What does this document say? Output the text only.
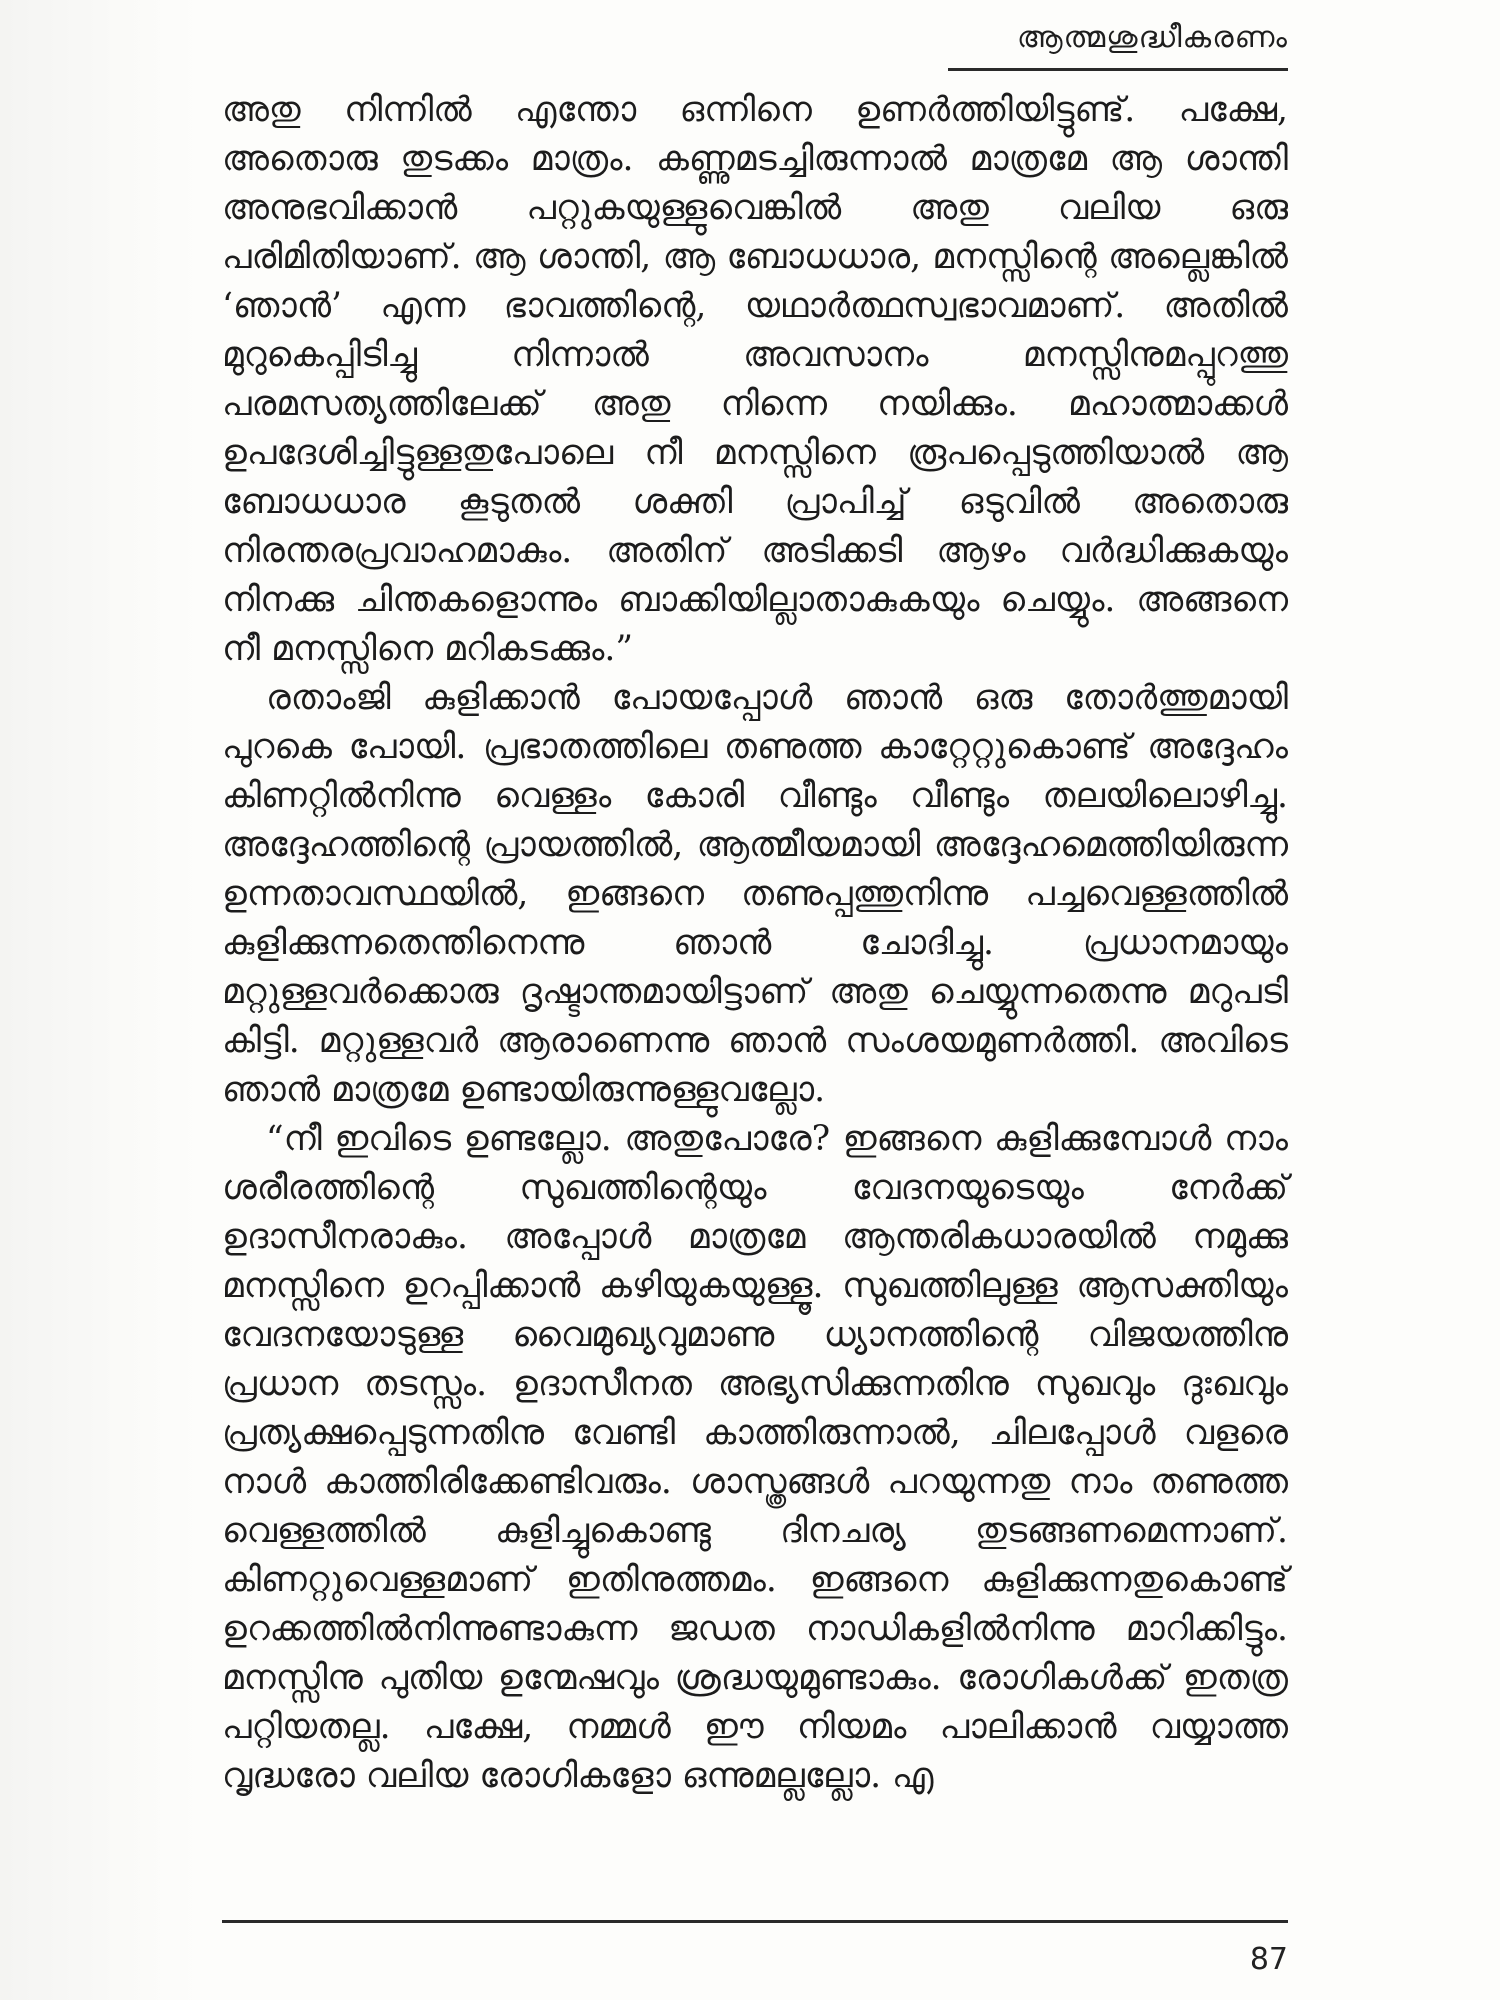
ആത്മശുദ്ധീകരണം

അതു നിന്നിൽ എന്തോ ഒന്നിനെ ഉണർത്തിയിട്ടുണ്ട്. പക്ഷേ, അതൊരു തുടക്കം മാത്രം. കണ്ണുമടച്ചിരുന്നാൽ മാത്രമേ ആ ശാന്തി അനുഭവിക്കാൻ പറ്റുകയുള്ളുവെങ്കിൽ അതു വലിയ ഒരു പരിമിതിയാണ്. ആ ശാന്തി, ആ ബോധധാര, മനസ്സിന്റെ അല്ലെങ്കിൽ ‘ഞാൻ’ എന്ന ഭാവത്തിന്റെ, യഥാർത്ഥസ്വഭാവമാണ്. അതിൽ മുറുകെപ്പിടിച്ചു നിന്നാൽ അവസാനം മനസ്സിനുമപ്പുറത്തു പരമസത്യത്തിലേക്ക് അതു നിന്നെ നയിക്കും. മഹാത്മാക്കൾ ഉപദേശിച്ചിട്ടുള്ളതുപോലെ നീ മനസ്സിനെ രൂപപ്പെടുത്തിയാൽ ആ ബോധധാര കൂടുതൽ ശക്തി പ്രാപിച്ച് ഒടുവിൽ അതൊരു നിരന്തരപ്രവാഹമാകും. അതിന് അടിക്കടി ആഴം വർദ്ധിക്കുകയും നിനക്കു ചിന്തകളൊന്നും ബാക്കിയില്ലാതാകുകയും ചെയ്യും. അങ്ങനെ നീ മനസ്സിനെ മറികടക്കും.”

രതാംജി കുളിക്കാൻ പോയപ്പോൾ ഞാൻ ഒരു തോർത്തുമായി പുറകെ പോയി. പ്രഭാതത്തിലെ തണുത്ത കാറ്റേറ്റുകൊണ്ട് അദ്ദേഹം കിണറ്റിൽനിന്നു വെള്ളം കോരി വീണ്ടും വീണ്ടും തലയിലൊഴിച്ചു. അദ്ദേഹത്തിന്റെ പ്രായത്തിൽ, ആത്മീയമായി അദ്ദേഹമെത്തിയിരുന്ന ഉന്നതാവസ്ഥയിൽ, ഇങ്ങനെ തണുപ്പത്തുനിന്നു പച്ചവെള്ളത്തിൽ കുളിക്കുന്നതെന്തിനെന്നു ഞാൻ ചോദിച്ചു. പ്രധാനമായും മറ്റുള്ളവർക്കൊരു ദൃഷ്ടാന്തമായിട്ടാണ് അതു ചെയ്യുന്നതെന്നു മറുപടി കിട്ടി. മറ്റുള്ളവർ ആരാണെന്നു ഞാൻ സംശയമുണർത്തി. അവിടെ ഞാൻ മാത്രമേ ഉണ്ടായിരുന്നുള്ളുവല്ലോ.

“നീ ഇവിടെ ഉണ്ടല്ലോ. അതുപോരേ? ഇങ്ങനെ കുളിക്കുമ്പോൾ നാം ശരീരത്തിന്റെ സുഖത്തിന്റെയും വേദനയുടെയും നേർക്ക് ഉദാസീനരാകും. അപ്പോൾ മാത്രമേ ആന്തരികധാരയിൽ നമുക്കു മനസ്സിനെ ഉറപ്പിക്കാൻ കഴിയുകയുള്ളൂ. സുഖത്തിലുള്ള ആസക്തിയും വേദനയോടുള്ള വൈമുഖ്യവുമാണു ധ്യാനത്തിന്റെ വിജയത്തിനു പ്രധാന തടസ്സം. ഉദാസീനത അഭ്യസിക്കുന്നതിനു സുഖവും ദുഃഖവും പ്രത്യക്ഷപ്പെടുന്നതിനു വേണ്ടി കാത്തിരുന്നാൽ, ചിലപ്പോൾ വളരെ നാൾ കാത്തിരിക്കേണ്ടിവരും. ശാസ്ത്രങ്ങൾ പറയുന്നതു നാം തണുത്ത വെള്ളത്തിൽ കുളിച്ചുകൊണ്ടു ദിനചര്യ തുടങ്ങണമെന്നാണ്. കിണറ്റുവെള്ളമാണ് ഇതിനുത്തമം. ഇങ്ങനെ കുളിക്കുന്നതുകൊണ്ട് ഉറക്കത്തിൽനിന്നുണ്ടാകുന്ന ജഡത നാഡികളിൽനിന്നു മാറിക്കിട്ടും. മനസ്സിനു പുതിയ ഉന്മേഷവും ശ്രദ്ധയുമുണ്ടാകും. രോഗികൾക്ക് ഇതത്ര പറ്റിയതല്ല. പക്ഷേ, നമ്മൾ ഈ നിയമം പാലിക്കാൻ വയ്യാത്ത വൃദ്ധരോ വലിയ രോഗികളോ ഒന്നുമല്ലല്ലോ. എ

87
